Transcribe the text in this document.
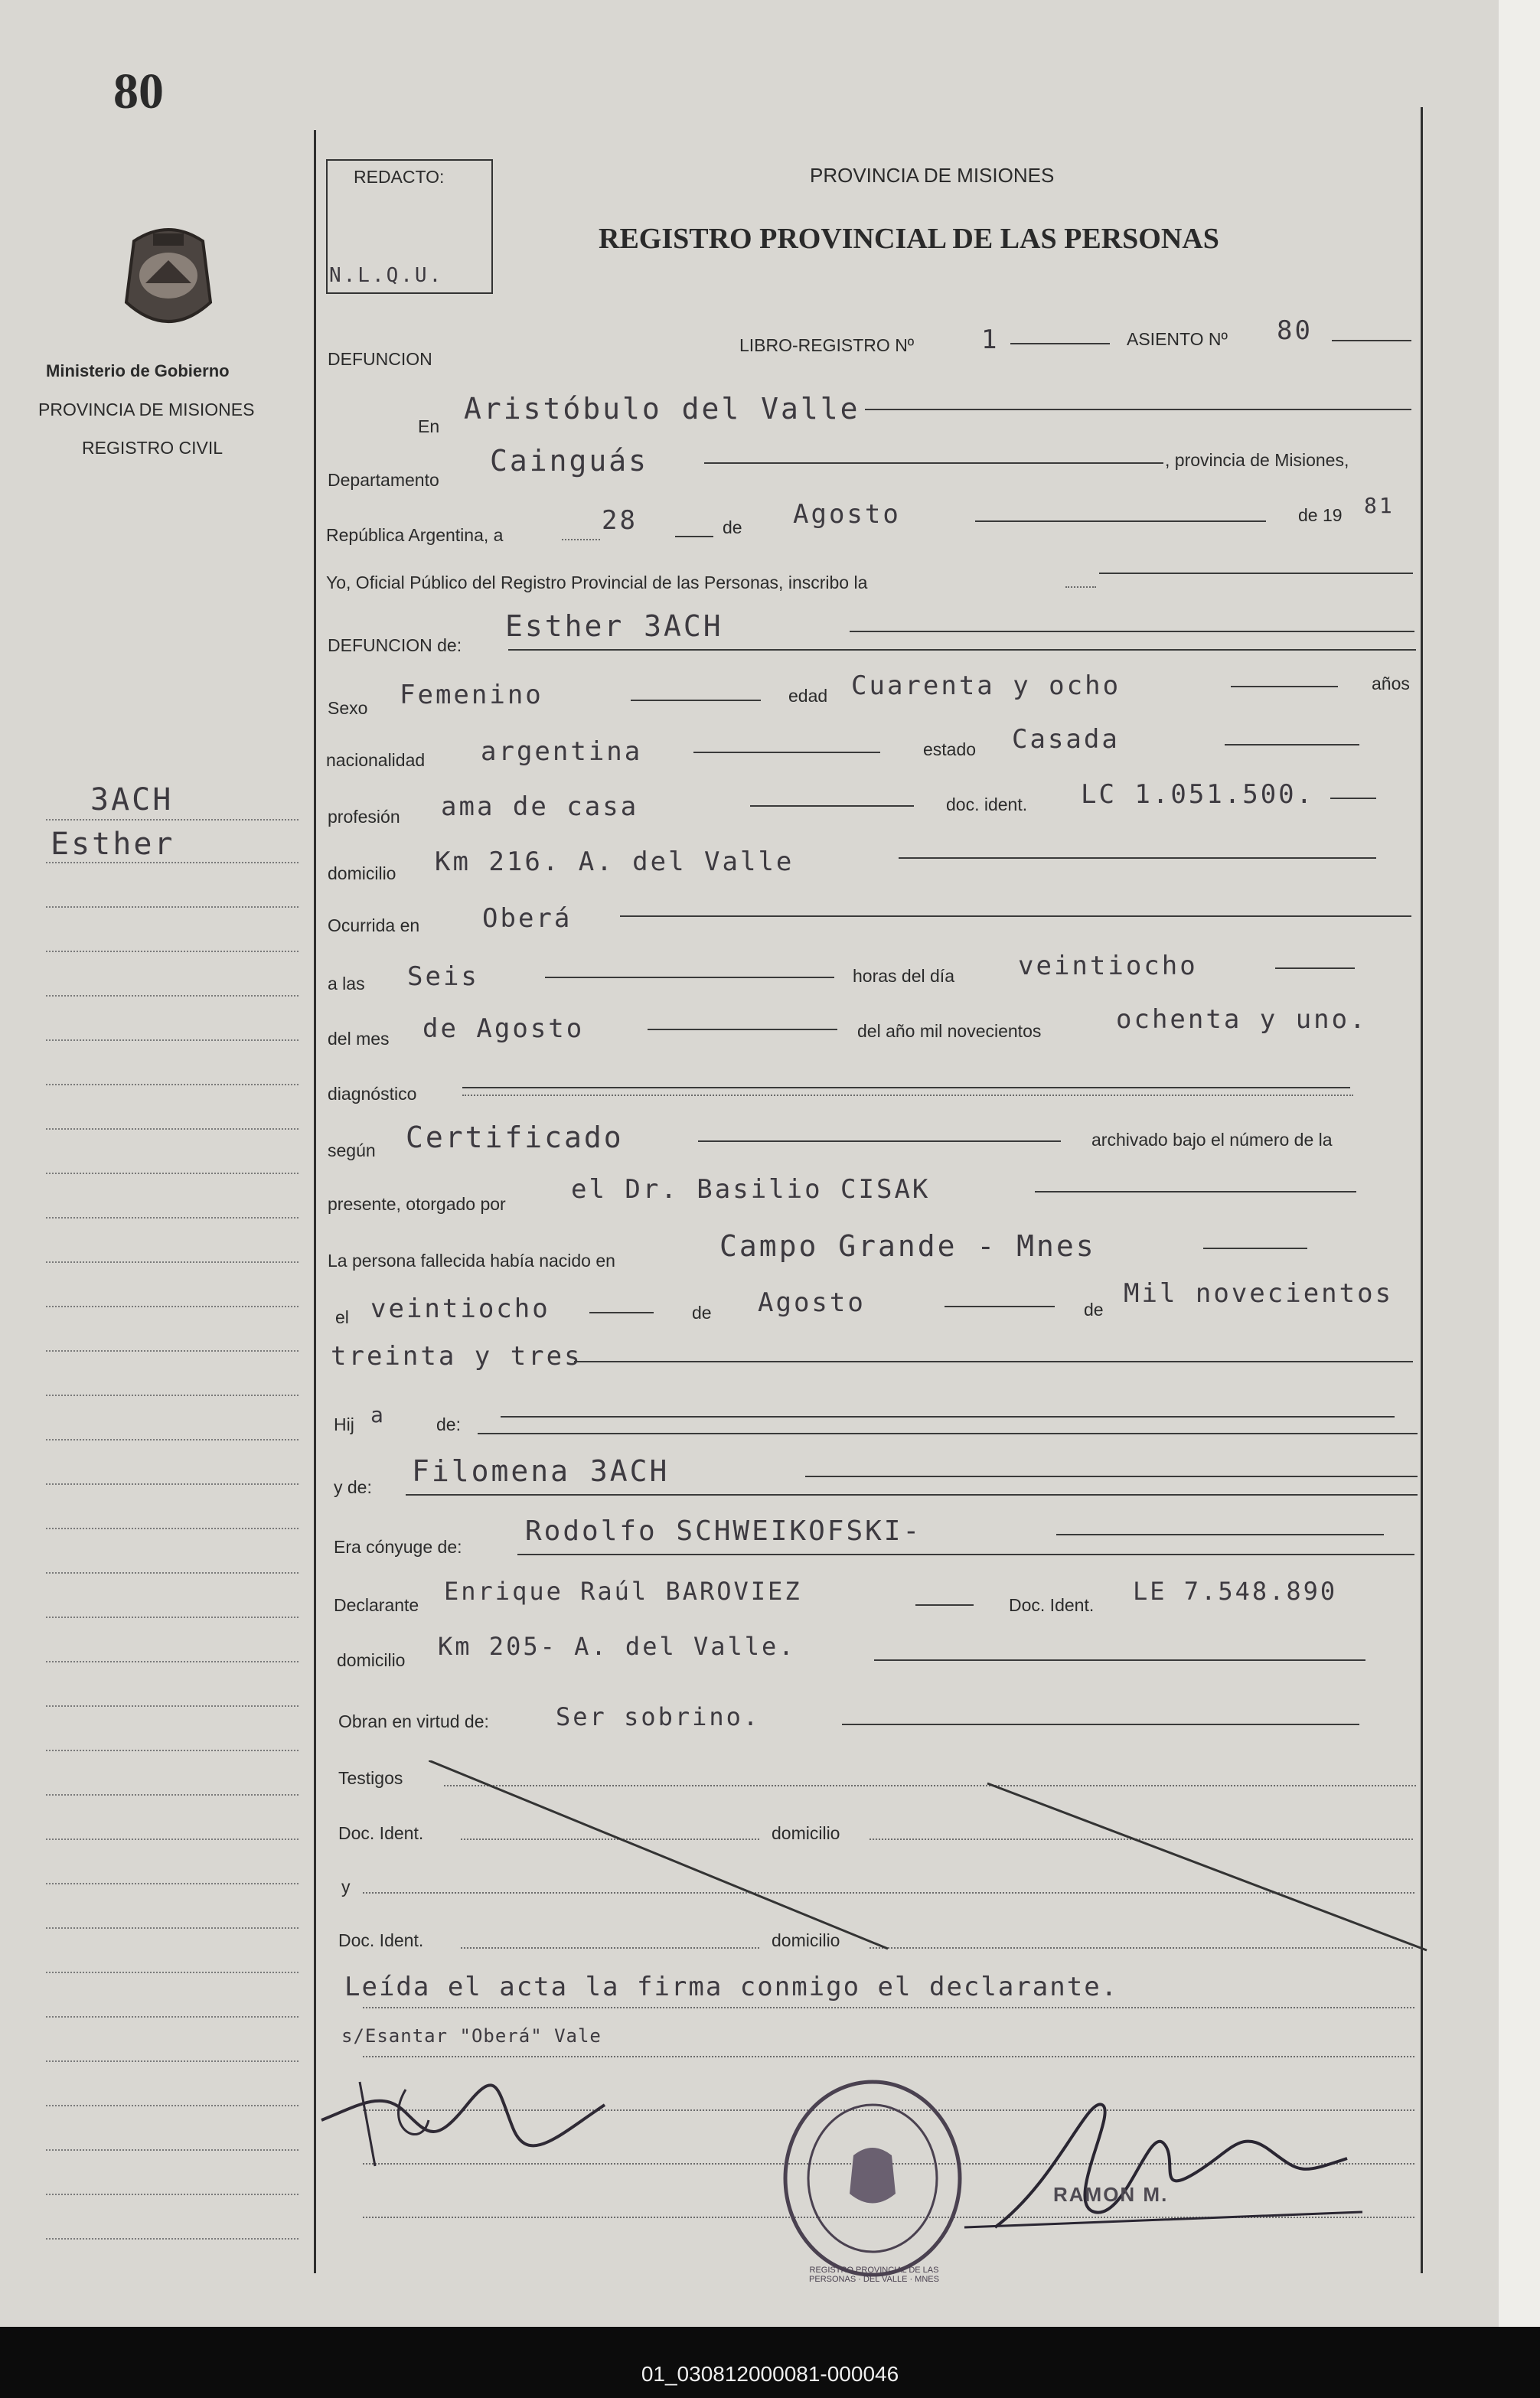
80
Ministerio de Gobierno
PROVINCIA DE MISIONES
REGISTRO CIVIL
ЗАСН
Esther
REDACTO:
N.L.Q.U.
PROVINCIA DE MISIONES
REGISTRO PROVINCIAL DE LAS PERSONAS
DEFUNCION
LIBRO-REGISTRO Nº	1	ASIENTO Nº 80
En
Aristóbulo del Valle
Departamento
Cainguás	, provincia de Misiones,
República Argentina, a	28	de Agosto	de 19 81
Yo, Oficial Público del Registro Provincial de las Personas, inscribo la
DEFUNCION de:
Esther ЗАСН
Sexo Femenino	edad Cuarenta y ocho	años
nacionalidad argentina	estado Casada
profesión ama de casa	doc. ident. LC 1.051.500.
domicilio Km 216. A. del Valle
Ocurrida en Oberá
a las Seis	horas del día veintiocho
del mes de Agosto	del año mil novecientos	ochenta y uno.
diagnóstico
según Certificado	archivado bajo el número de la
presente, otorgado por	el Dr. Basilio CISAK
La persona fallecida había nacido en	Campo Grande - Mnes
el veintiocho	de Agosto	de
Mil novecientos
treinta y tres
Hij a	de:
y de: Filomena ЗАСН
Era cónyuge de: Rodolfo SCHWEIKOFSKI-
Declarante Enrique Raúl BAROVIEZ	Doc. Ident. LE 7.548.890
domicilio Km 205- A. del Valle.
Obran en virtud de:	Ser sobrino.
Testigos
Doc. Ident.	domicilio
y
Doc. Ident.	domicilio
Leída el acta la firma conmigo el declarante.
s/Esantar "Oberá" Vale
REGISTRO PROVINCIAL DE LAS PERSONAS · DEL VALLE · MNES
RAMON M.
01_030812000081-000046
